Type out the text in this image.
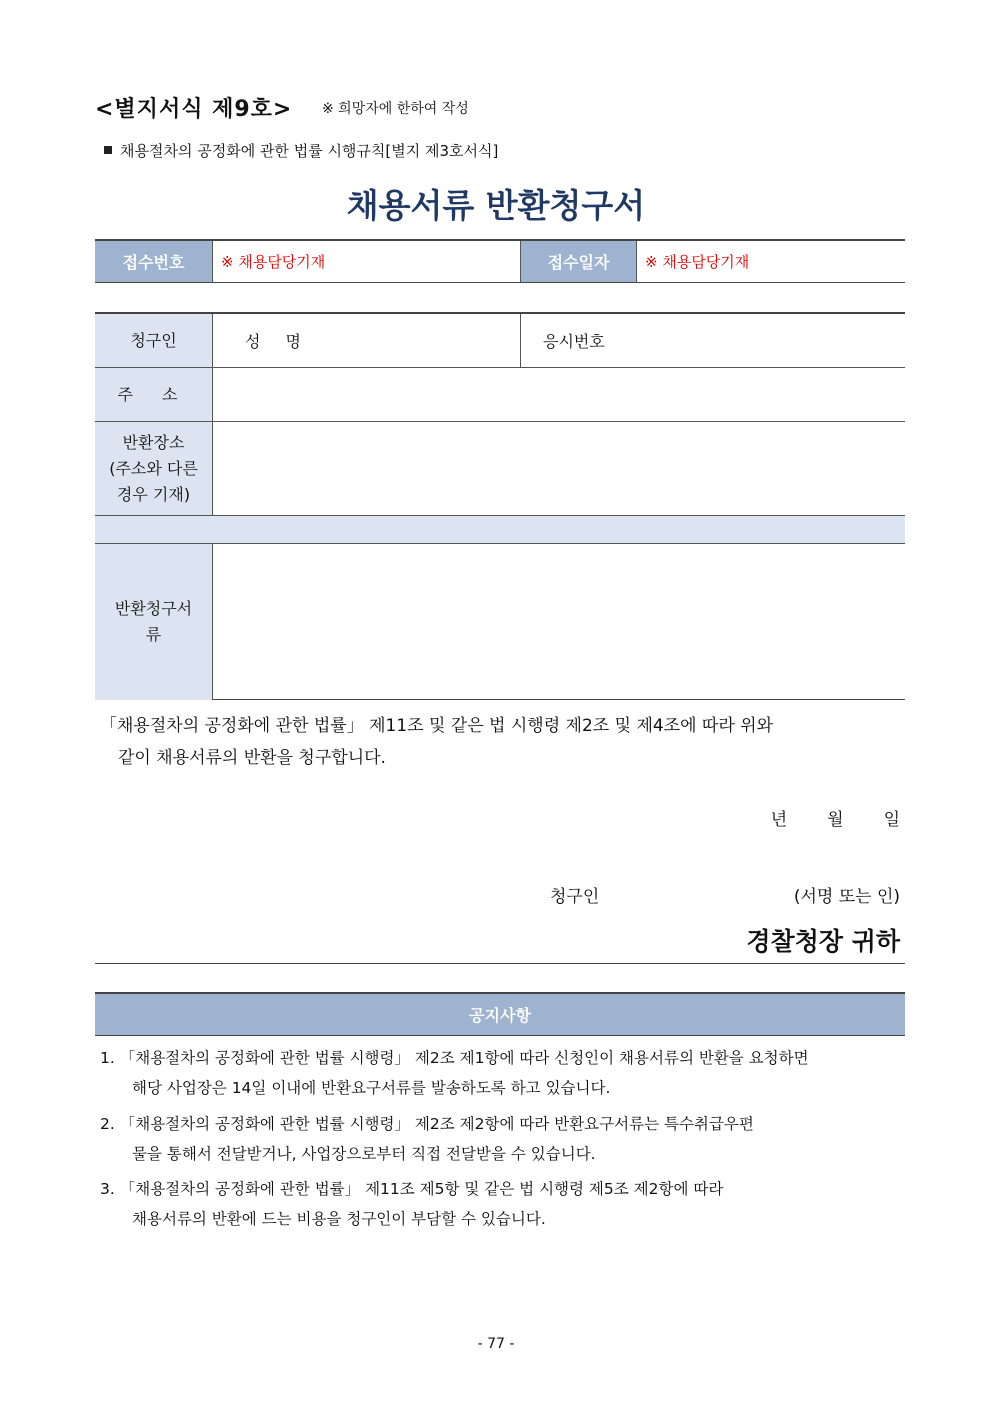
<별지서식 제9호> ※ 희망자에 한하여 작성
채용절차의 공정화에 관한 법률 시행규칙[별지 제3호서식]
채용서류 반환청구서
접수번호	※ 채용담당기재	접수일자	※ 채용담당기재
청구인	성 명	응시번호
주 소
반환장소
(주소와 다른
경우 기재)
반환청구서
류
「채용절차의 공정화에 관한 법률」 제11조 및 같은 법 시행령 제2조 및 제4조에 따라 위와
같이 채용서류의 반환을 청구합니다.
년 월 일
청구인	(서명 또는 인)
경찰청장 귀하
공지사항
1. 「채용절차의 공정화에 관한 법률 시행령」 제2조 제1항에 따라 신청인이 채용서류의 반환을 요청하면
해당 사업장은 14일 이내에 반환요구서류를 발송하도록 하고 있습니다.
2. 「채용절차의 공정화에 관한 법률 시행령」 제2조 제2항에 따라 반환요구서류는 특수취급우편
물을 통해서 전달받거나, 사업장으로부터 직접 전달받을 수 있습니다.
3. 「채용절차의 공정화에 관한 법률」 제11조 제5항 및 같은 법 시행령 제5조 제2항에 따라
채용서류의 반환에 드는 비용을 청구인이 부담할 수 있습니다.
- 77 -
